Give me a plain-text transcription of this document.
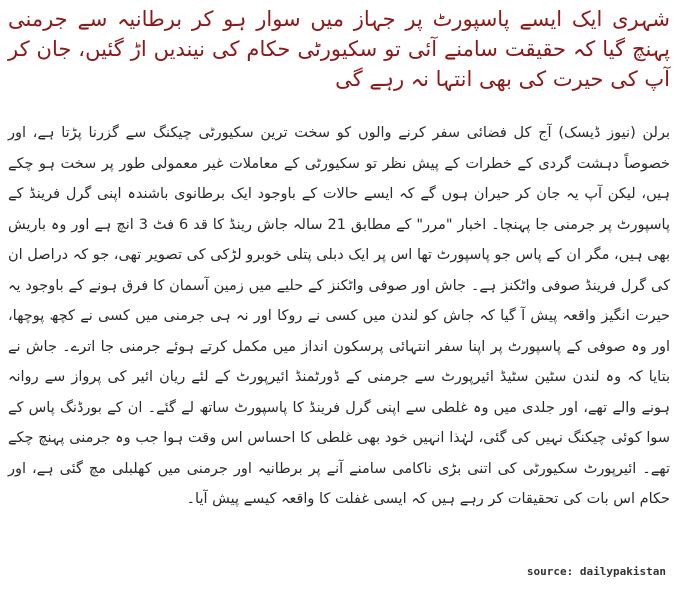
شہری ایک ایسے پاسپورٹ پر جہاز میں سوار ہو کر برطانیہ سے جرمنی پہنچ گیا کہ حقیقت سامنے آئی تو سکیورٹی حکام کی نیندیں اڑ گئیں، جان کر آپ کی حیرت کی بھی انتہا نہ رہے گی

برلن (نیوز ڈیسک) آج کل فضائی سفر کرنے والوں کو سخت ترین سکیورٹی چیکنگ سے گزرنا پڑتا ہے، اور خصوصاً دہشت گردی کے خطرات کے پیش نظر تو سکیورٹی کے معاملات غیر معمولی طور پر سخت ہو چکے ہیں، لیکن آپ یہ جان کر حیران ہوں گے کہ ایسے حالات کے باوجود ایک برطانوی باشندہ اپنی گرل فرینڈ کے پاسپورٹ پر جرمنی جا پہنچا۔ اخبار "مرر" کے مطابق 21 سالہ جاش رینڈ کا قد 6 فٹ 3 انچ ہے اور وہ باریش بھی ہیں، مگر ان کے پاس جو پاسپورٹ تھا اس پر ایک دبلی پتلی خوبرو لڑکی کی تصویر تھی، جو کہ دراصل ان کی گرل فرینڈ صوفی واٹکنز ہے۔ جاش اور صوفی واٹکنز کے حلیے میں زمین آسمان کا فرق ہونے کے باوجود یہ حیرت انگیز واقعہ پیش آ گیا کہ جاش کو لندن میں کسی نے روکا اور نہ ہی جرمنی میں کسی نے کچھ پوچھا، اور وہ صوفی کے پاسپورٹ پر اپنا سفر انتہائی پرسکون انداز میں مکمل کرتے ہوئے جرمنی جا اترے۔ جاش نے بتایا کہ وہ لندن سٹین سٹیڈ ائیرپورٹ سے جرمنی کے ڈورٹمنڈ ائیرپورٹ کے لئے ریان ائیر کی پرواز سے روانہ ہونے والے تھے، اور جلدی میں وہ غلطی سے اپنی گرل فرینڈ کا پاسپورٹ ساتھ لے گئے۔ ان کے بورڈنگ پاس کے سوا کوئی چیکنگ نہیں کی گئی، لہٰذا انہیں خود بھی غلطی کا احساس اس وقت ہوا جب وہ جرمنی پہنچ چکے تھے۔ ائیرپورٹ سکیورٹی کی اتنی بڑی ناکامی سامنے آنے پر برطانیہ اور جرمنی میں کھلبلی مچ گئی ہے، اور حکام اس بات کی تحقیقات کر رہے ہیں کہ ایسی غفلت کا واقعہ کیسے پیش آیا۔

source: dailypakistan
